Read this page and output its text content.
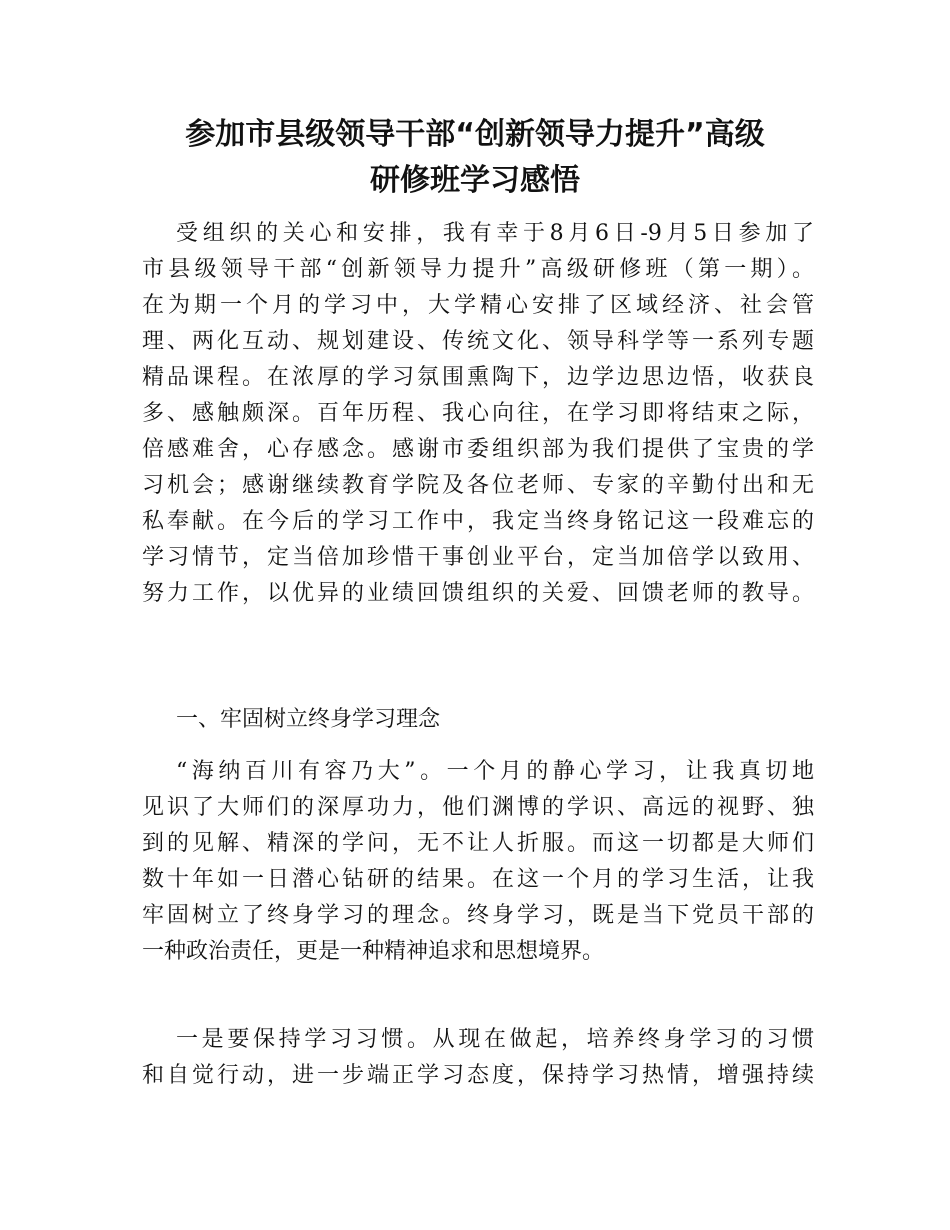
参加市县级领导干部“创新领导力提升”高级
研修班学习感悟
受组织的关心和安排，我有幸于8月6日-9月5日参加了
市县级领导干部“创新领导力提升”高级研修班（第一期）。
在为期一个月的学习中，大学精心安排了区域经济、社会管
理、两化互动、规划建设、传统文化、领导科学等一系列专题
精品课程。在浓厚的学习氛围熏陶下，边学边思边悟，收获良
多、感触颇深。百年历程、我心向往，在学习即将结束之际，
倍感难舍，心存感念。感谢市委组织部为我们提供了宝贵的学
习机会；感谢继续教育学院及各位老师、专家的辛勤付出和无
私奉献。在今后的学习工作中，我定当终身铭记这一段难忘的
学习情节，定当倍加珍惜干事创业平台，定当加倍学以致用、
努力工作，以优异的业绩回馈组织的关爱、回馈老师的教导。
一、牢固树立终身学习理念
“海纳百川有容乃大”。一个月的静心学习，让我真切地
见识了大师们的深厚功力，他们渊博的学识、高远的视野、独
到的见解、精深的学问，无不让人折服。而这一切都是大师们
数十年如一日潜心钻研的结果。在这一个月的学习生活，让我
牢固树立了终身学习的理念。终身学习，既是当下党员干部的
一种政治责任，更是一种精神追求和思想境界。
一是要保持学习习惯。从现在做起，培养终身学习的习惯
和自觉行动，进一步端正学习态度，保持学习热情，增强持续
